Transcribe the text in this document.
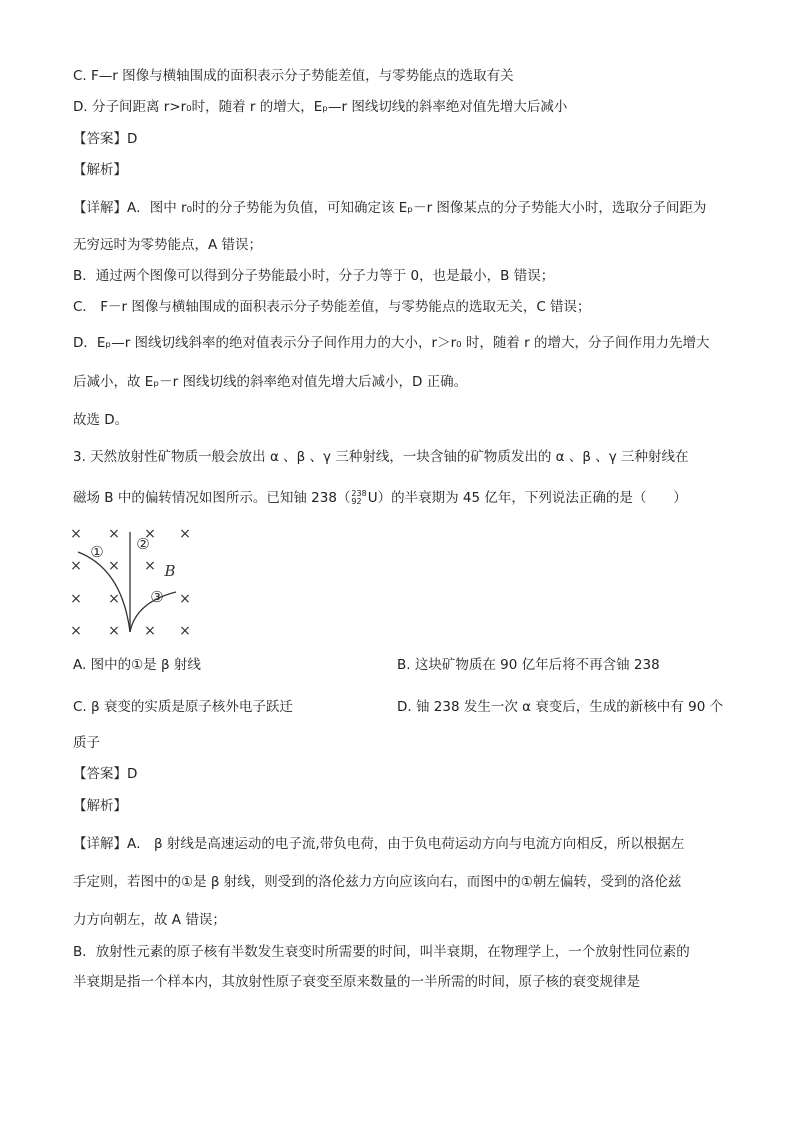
C. F—r 图像与横轴围成的面积表示分子势能差值，与零势能点的选取有关
D. 分子间距离 r>r₀时，随着 r 的增大，Eₚ—r 图线切线的斜率绝对值先增大后减小
【答案】D
【解析】
【详解】A．图中 r₀时的分子势能为负值，可知确定该 Eₚ－r 图像某点的分子势能大小时，选取分子间距为
无穷远时为零势能点，A 错误；
B．通过两个图像可以得到分子势能最小时，分子力等于 0，也是最小，B 错误；
C． F－r 图像与横轴围成的面积表示分子势能差值，与零势能点的选取无关，C 错误；
D．Eₚ—r 图线切线斜率的绝对值表示分子间作用力的大小，r＞r₀ 时，随着 r 的增大，分子间作用力先增大
后减小，故 Eₚ－r 图线切线的斜率绝对值先增大后减小，D 正确。
故选 D。
3. 天然放射性矿物质一般会放出 α 、β 、γ 三种射线，一块含铀的矿物质发出的 α 、β 、γ 三种射线在
磁场 B 中的偏转情况如图所示。已知铀 238（238
92 U）的半衰期为 45 亿年，下列说法正确的是（　　）
× × × ×
× × ×
× ×	×
× × × ×
① ②
③
B
A. 图中的①是 β 射线	B. 这块矿物质在 90 亿年后将不再含铀 238
C. β 衰变的实质是原子核外电子跃迁	D. 铀 238 发生一次 α 衰变后，生成的新核中有 90 个
质子
【答案】D
【解析】
【详解】A． β 射线是高速运动的电子流,带负电荷，由于负电荷运动方向与电流方向相反，所以根据左
手定则，若图中的①是 β 射线，则受到的洛伦兹力方向应该向右，而图中的①朝左偏转，受到的洛伦兹
力方向朝左，故 A 错误；
B．放射性元素的原子核有半数发生衰变时所需要的时间，叫半衰期，在物理学上，一个放射性同位素的
半衰期是指一个样本内，其放射性原子衰变至原来数量的一半所需的时间，原子核的衰变规律是
